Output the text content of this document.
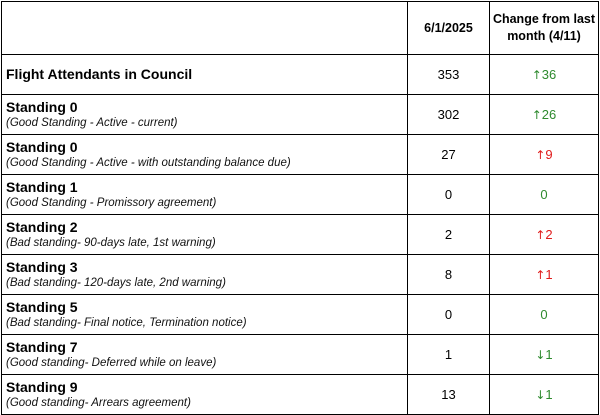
	6/1/2025	Change from last month (4/11)

Flight Attendants in Council	353	↑36

Standing 0
(Good Standing - Active - current)	302	↑26

Standing 0
(Good Standing - Active - with outstanding balance due)	27	↑9

Standing 1
(Good Standing - Promissory agreement)	0	0

Standing 2
(Bad standing- 90-days late, 1st warning)	2	↑2

Standing 3
(Bad standing- 120-days late, 2nd warning)	8	↑1

Standing 5
(Bad standing- Final notice, Termination notice)	0	0

Standing 7
(Good standing- Deferred while on leave)	1	↓1

Standing 9
(Good standing- Arrears agreement)	13	↓1
